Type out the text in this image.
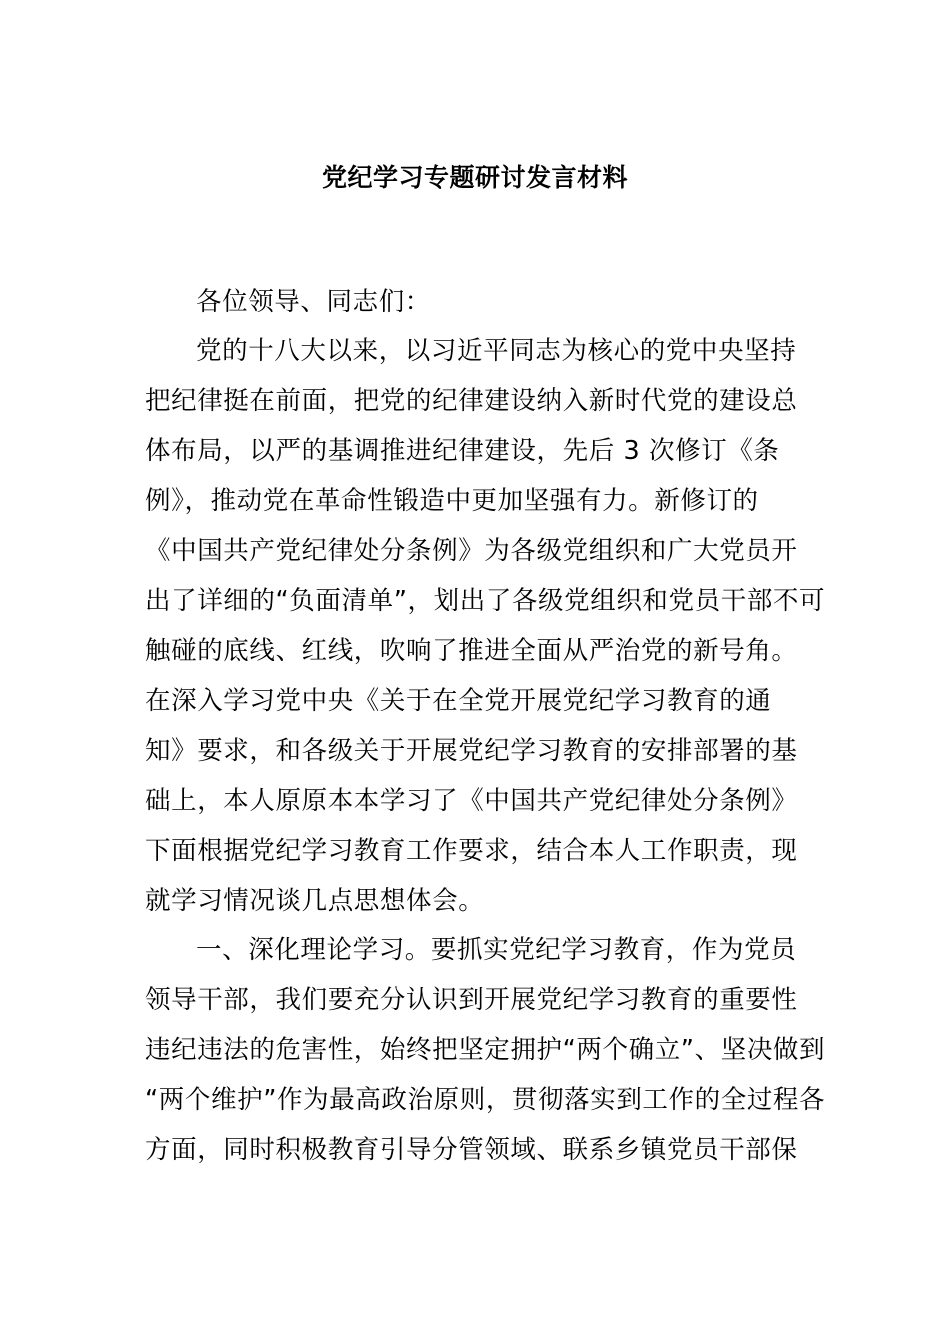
党纪学习专题研讨发言材料
各位领导、同志们：
党的十八大以来，以习近平同志为核心的党中央坚持
把纪律挺在前面，把党的纪律建设纳入新时代党的建设总
体布局，以严的基调推进纪律建设，先后 3 次修订《条
例》，推动党在革命性锻造中更加坚强有力。新修订的
《中国共产党纪律处分条例》为各级党组织和广大党员开
出了详细的“负面清单”，划出了各级党组织和党员干部不可
触碰的底线、红线，吹响了推进全面从严治党的新号角。
在深入学习党中央《关于在全党开展党纪学习教育的通
知》要求，和各级关于开展党纪学习教育的安排部署的基
础上，本人原原本本学习了《中国共产党纪律处分条例》
下面根据党纪学习教育工作要求，结合本人工作职责，现
就学习情况谈几点思想体会。
一、深化理论学习。要抓实党纪学习教育，作为党员
领导干部，我们要充分认识到开展党纪学习教育的重要性
违纪违法的危害性，始终把坚定拥护“两个确立”、坚决做到
“两个维护”作为最高政治原则，贯彻落实到工作的全过程各
方面，同时积极教育引导分管领域、联系乡镇党员干部保
